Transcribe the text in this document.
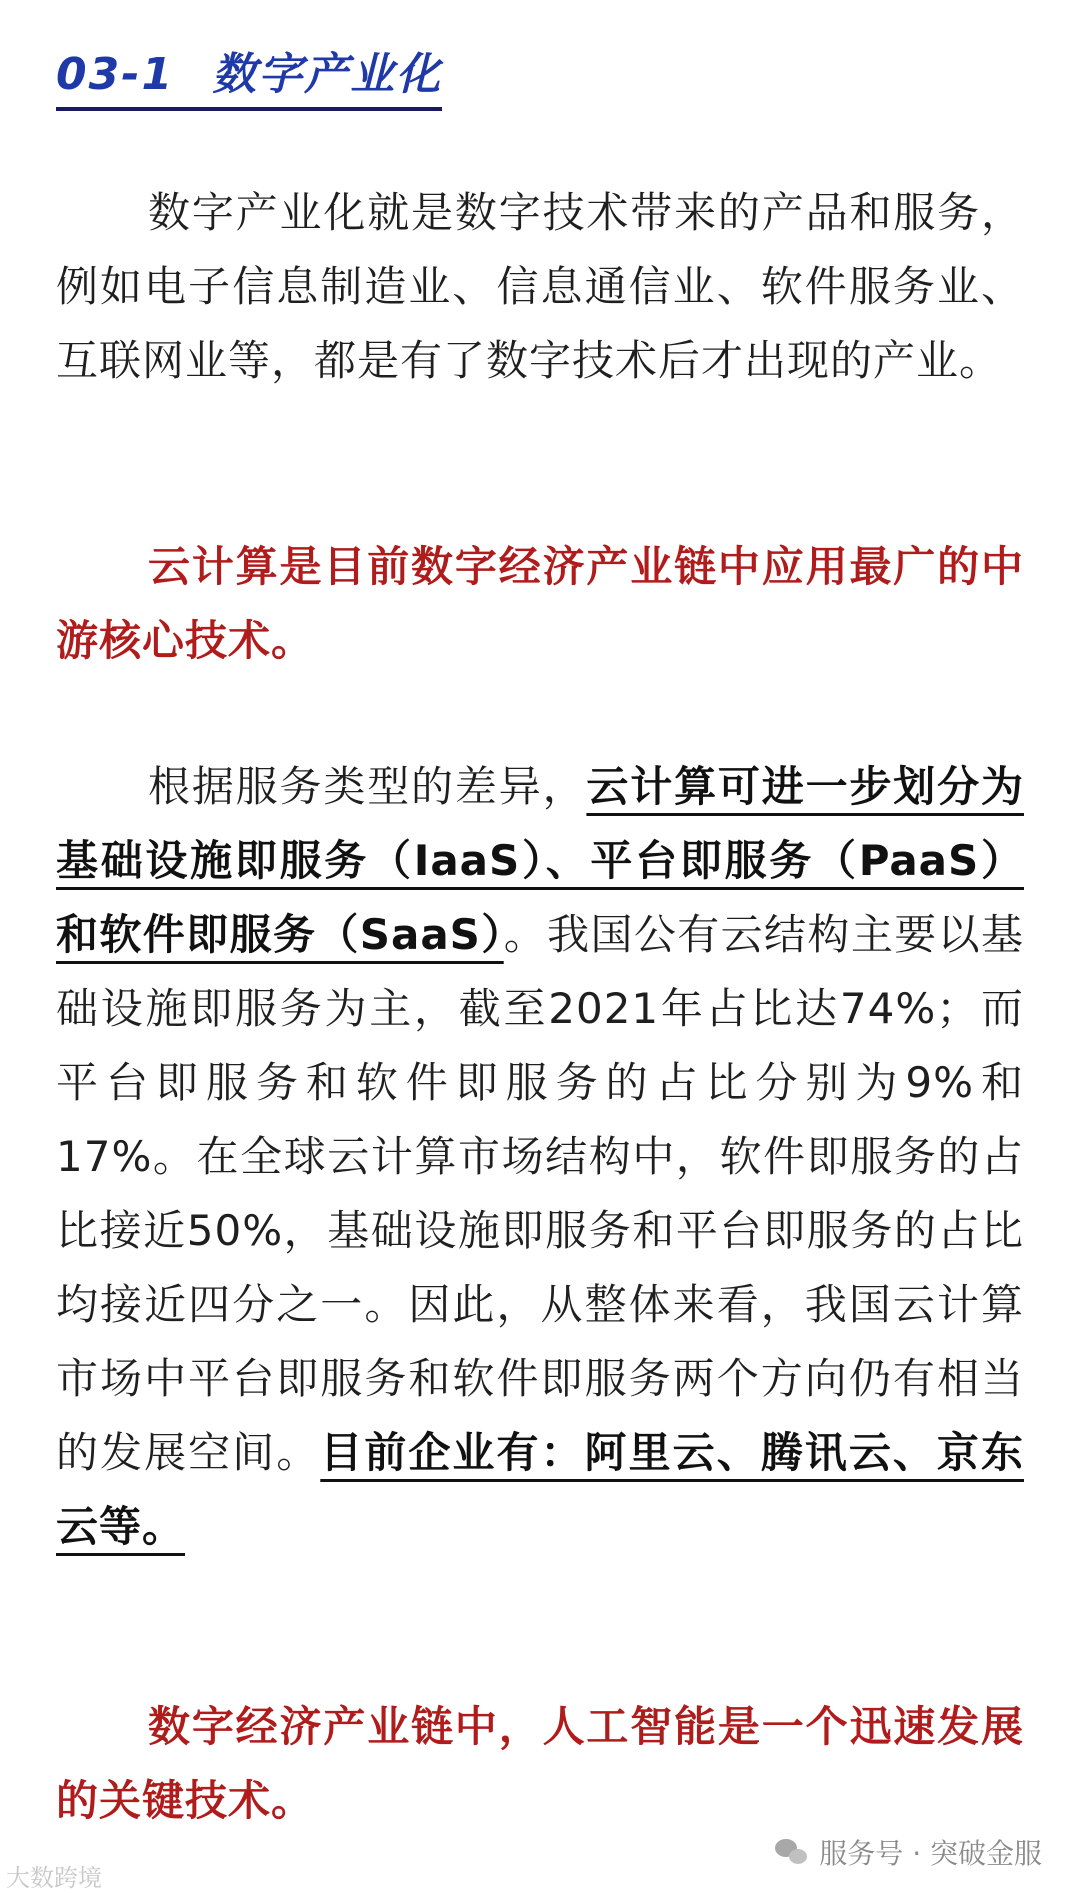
03-1 数字产业化

数字产业化就是数字技术带来的产品和服务，例如电子信息制造业、信息通信业、软件服务业、互联网业等，都是有了数字技术后才出现的产业。

云计算是目前数字经济产业链中应用最广的中游核心技术。

根据服务类型的差异，云计算可进一步划分为基础设施即服务（IaaS）、平台即服务（PaaS）和软件即服务（SaaS）。我国公有云结构主要以基础设施即服务为主，截至2021年占比达74%；而平台即服务和软件即服务的占比分别为9%和17%。在全球云计算市场结构中，软件即服务的占比接近50%，基础设施即服务和平台即服务的占比均接近四分之一。因此，从整体来看，我国云计算市场中平台即服务和软件即服务两个方向仍有相当的发展空间。目前企业有：阿里云、腾讯云、京东云等。

数字经济产业链中，人工智能是一个迅速发展的关键技术。

大数跨境
服务号 · 突破金服
